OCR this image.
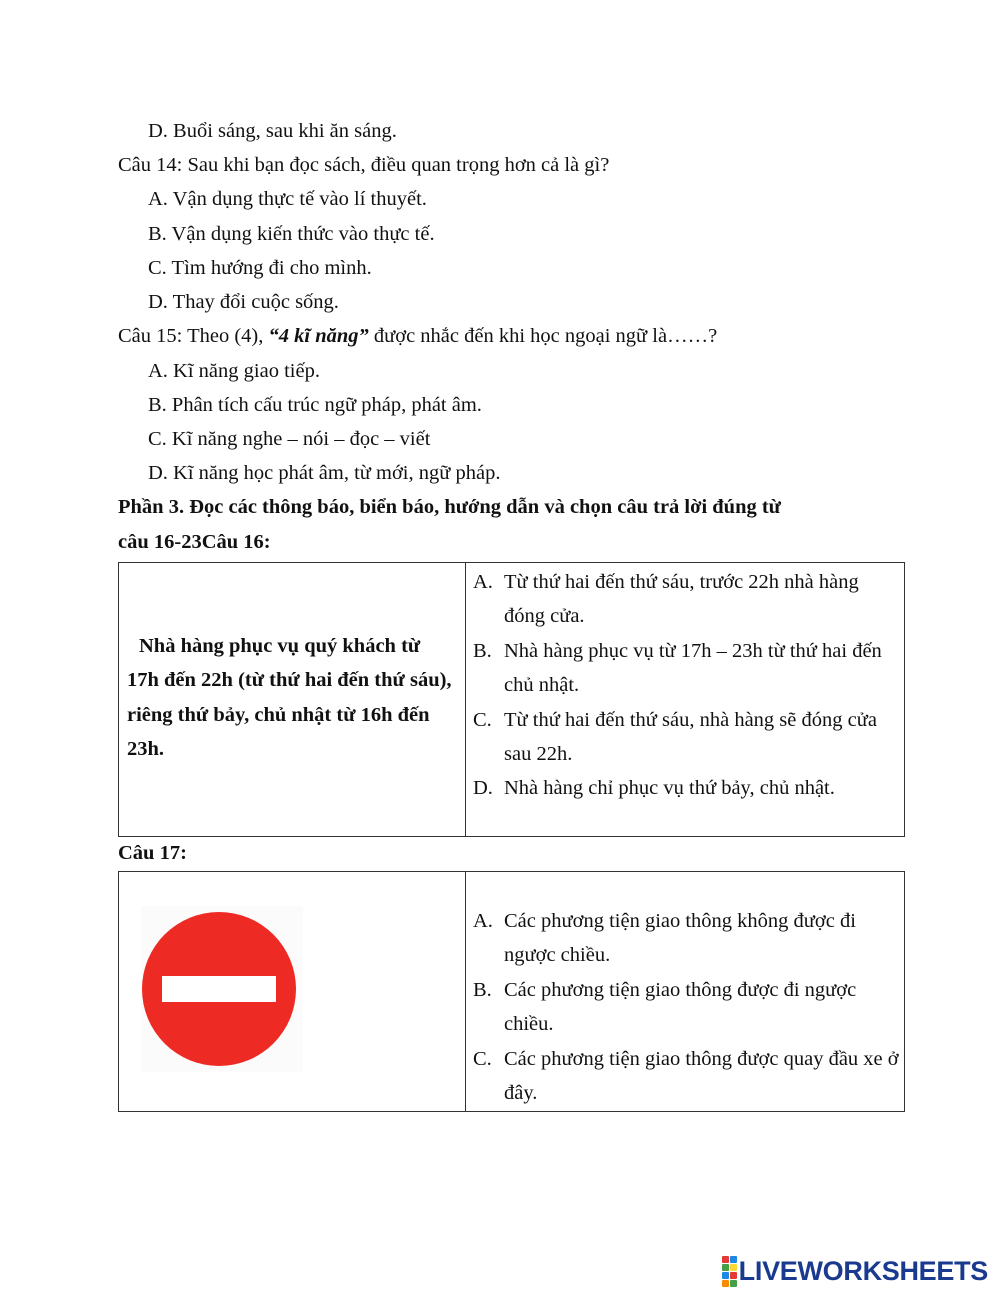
D. Buổi sáng, sau khi ăn sáng.
Câu 14: Sau khi bạn đọc sách, điều quan trọng hơn cả là gì?
A. Vận dụng thực tế vào lí thuyết.
B. Vận dụng kiến thức vào thực tế.
C. Tìm hướng đi cho mình.
D. Thay đổi cuộc sống.
Câu 15: Theo (4), “4 kĩ năng” được nhắc đến khi học ngoại ngữ là……?
A. Kĩ năng giao tiếp.
B. Phân tích cấu trúc ngữ pháp, phát âm.
C. Kĩ năng nghe – nói – đọc – viết
D. Kĩ năng học phát âm, từ mới, ngữ pháp.
Phần 3. Đọc các thông báo, biển báo, hướng dẫn và chọn câu trả lời đúng từ
câu 16-23Câu 16:
Nhà hàng phục vụ quý khách từ 17h đến 22h (từ thứ hai đến thứ sáu), riêng thứ bảy, chủ nhật từ 16h đến 23h.
A. Từ thứ hai đến thứ sáu, trước 22h nhà hàng đóng cửa.
B. Nhà hàng phục vụ từ 17h – 23h từ thứ hai đến chủ nhật.
C. Từ thứ hai đến thứ sáu, nhà hàng sẽ đóng cửa sau 22h.
D. Nhà hàng chỉ phục vụ thứ bảy, chủ nhật.
Câu 17:
A. Các phương tiện giao thông không được đi ngược chiều.
B. Các phương tiện giao thông được đi ngược chiều.
C. Các phương tiện giao thông được quay đầu xe ở đây.
LIVEWORKSHEETS
